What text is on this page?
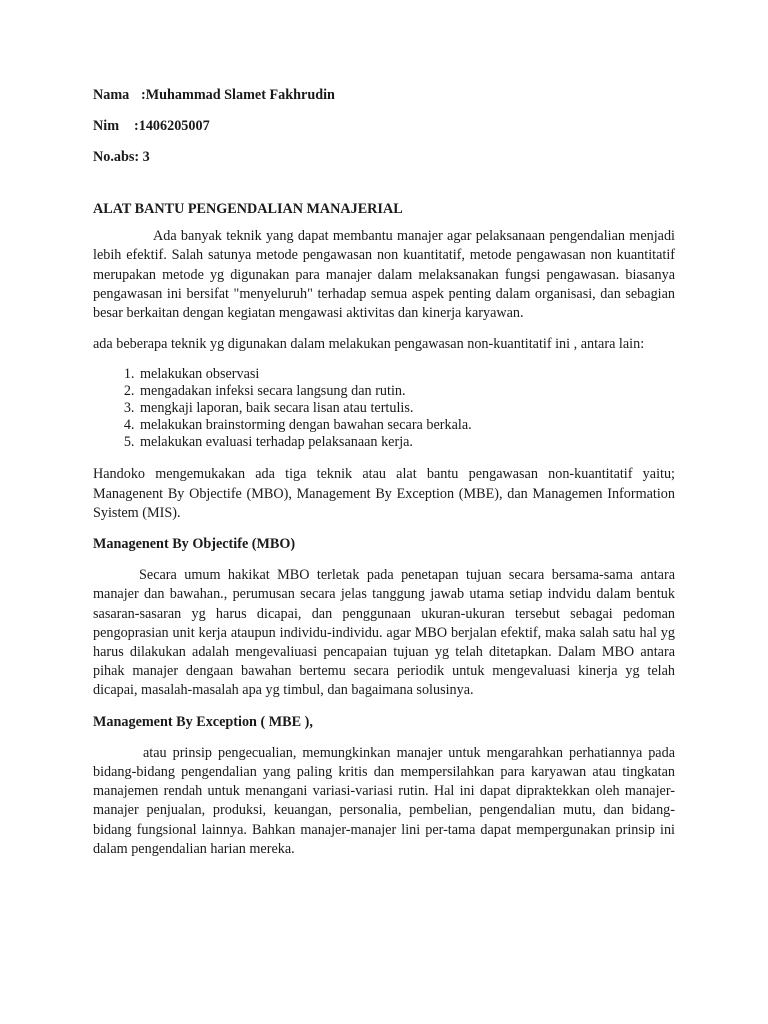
Nama:Muhammad Slamet Fakhrudin
Nim:1406205007
No.abs: 3
ALAT BANTU PENGENDALIAN MANAJERIAL

Ada banyak teknik yang dapat membantu manajer agar pelaksanaan pengendalian menjadi lebih efektif. Salah satunya metode pengawasan non kuantitatif, metode pengawasan non kuantitatif merupakan metode yg digunakan para manajer dalam melaksanakan fungsi pengawasan. biasanya pengawasan ini bersifat "menyeluruh" terhadap semua aspek penting dalam organisasi, dan sebagian besar berkaitan dengan kegiatan mengawasi aktivitas dan kinerja karyawan.

ada beberapa teknik yg digunakan dalam melakukan pengawasan non-kuantitatif ini , antara lain:

1. melakukan observasi
2. mengadakan infeksi secara langsung dan rutin.
3. mengkaji laporan, baik secara lisan atau tertulis.
4. melakukan brainstorming dengan bawahan secara berkala.
5. melakukan evaluasi terhadap pelaksanaan kerja.

Handoko mengemukakan ada tiga teknik atau alat bantu pengawasan non-kuantitatif yaitu; Managenent By Objectife (MBO), Management By Exception (MBE), dan Managemen Information Syistem (MIS).

Managenent By Objectife (MBO)

Secara umum hakikat MBO terletak pada penetapan tujuan secara bersama-sama antara manajer dan bawahan., perumusan secara jelas tanggung jawab utama setiap indvidu dalam bentuk sasaran-sasaran yg harus dicapai, dan penggunaan ukuran-ukuran tersebut sebagai pedoman pengoprasian unit kerja ataupun individu-individu. agar MBO berjalan efektif, maka salah satu hal yg harus dilakukan adalah mengevaliuasi pencapaian tujuan yg telah ditetapkan. Dalam MBO antara pihak manajer dengaan bawahan bertemu secara periodik untuk mengevaluasi kinerja yg telah dicapai, masalah-masalah apa yg timbul, dan bagaimana solusinya.

Management By Exception ( MBE ),

atau prinsip pengecualian, memungkinkan manajer untuk mengarahkan perhatiannya pada bidang-bidang pengendalian yang paling kritis dan mempersilahkan para karyawan atau tingkatan manajemen rendah untuk menangani variasi-variasi rutin. Hal ini dapat dipraktekkan oleh manajer-manajer penjualan, produksi, keuangan, personalia, pembelian, pengendalian mutu, dan bidang-bidang fungsional lainnya. Bahkan manajer-manajer lini per-tama dapat mempergunakan prinsip ini dalam pengendalian harian mereka.
